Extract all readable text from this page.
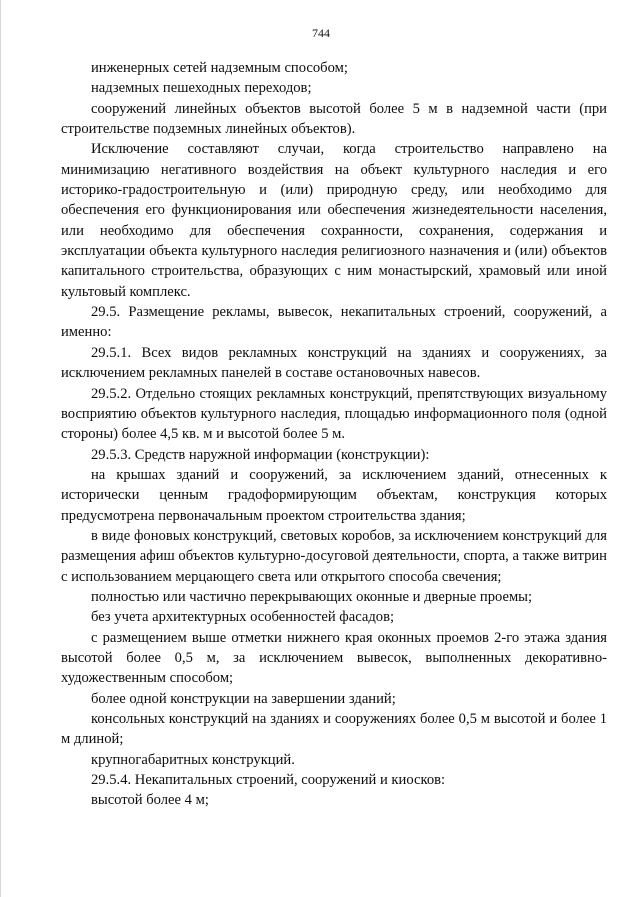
744

инженерных сетей надземным способом;

надземных пешеходных переходов;

сооружений линейных объектов высотой более 5 м в надземной части (при строительстве подземных линейных объектов).

Исключение составляют случаи, когда строительство направлено на минимизацию негативного воздействия на объект культурного наследия и его историко-градостроительную и (или) природную среду, или необходимо для обеспечения его функционирования или обеспечения жизнедеятельности населения, или необходимо для обеспечения сохранности, сохранения, содержания и эксплуатации объекта культурного наследия религиозного назначения и (или) объектов капитального строительства, образующих с ним монастырский, храмовый или иной культовый комплекс.

29.5. Размещение рекламы, вывесок, некапитальных строений, сооружений, а именно:

29.5.1. Всех видов рекламных конструкций на зданиях и сооружениях, за исключением рекламных панелей в составе остановочных навесов.

29.5.2. Отдельно стоящих рекламных конструкций, препятствующих визуальному восприятию объектов культурного наследия, площадью информационного поля (одной стороны) более 4,5 кв. м и высотой более 5 м.

29.5.3. Средств наружной информации (конструкции):

на крышах зданий и сооружений, за исключением зданий, отнесенных к исторически ценным градоформирующим объектам, конструкция которых предусмотрена первоначальным проектом строительства здания;

в виде фоновых конструкций, световых коробов, за исключением конструкций для размещения афиш объектов культурно-досуговой деятельности, спорта, а также витрин с использованием мерцающего света или открытого способа свечения;

полностью или частично перекрывающих оконные и дверные проемы;

без учета архитектурных особенностей фасадов;

с размещением выше отметки нижнего края оконных проемов 2-го этажа здания высотой более 0,5 м, за исключением вывесок, выполненных декоративно-художественным способом;

более одной конструкции на завершении зданий;

консольных конструкций на зданиях и сооружениях более 0,5 м высотой и более 1 м длиной;

крупногабаритных конструкций.

29.5.4. Некапитальных строений, сооружений и киосков:

высотой более 4 м;
